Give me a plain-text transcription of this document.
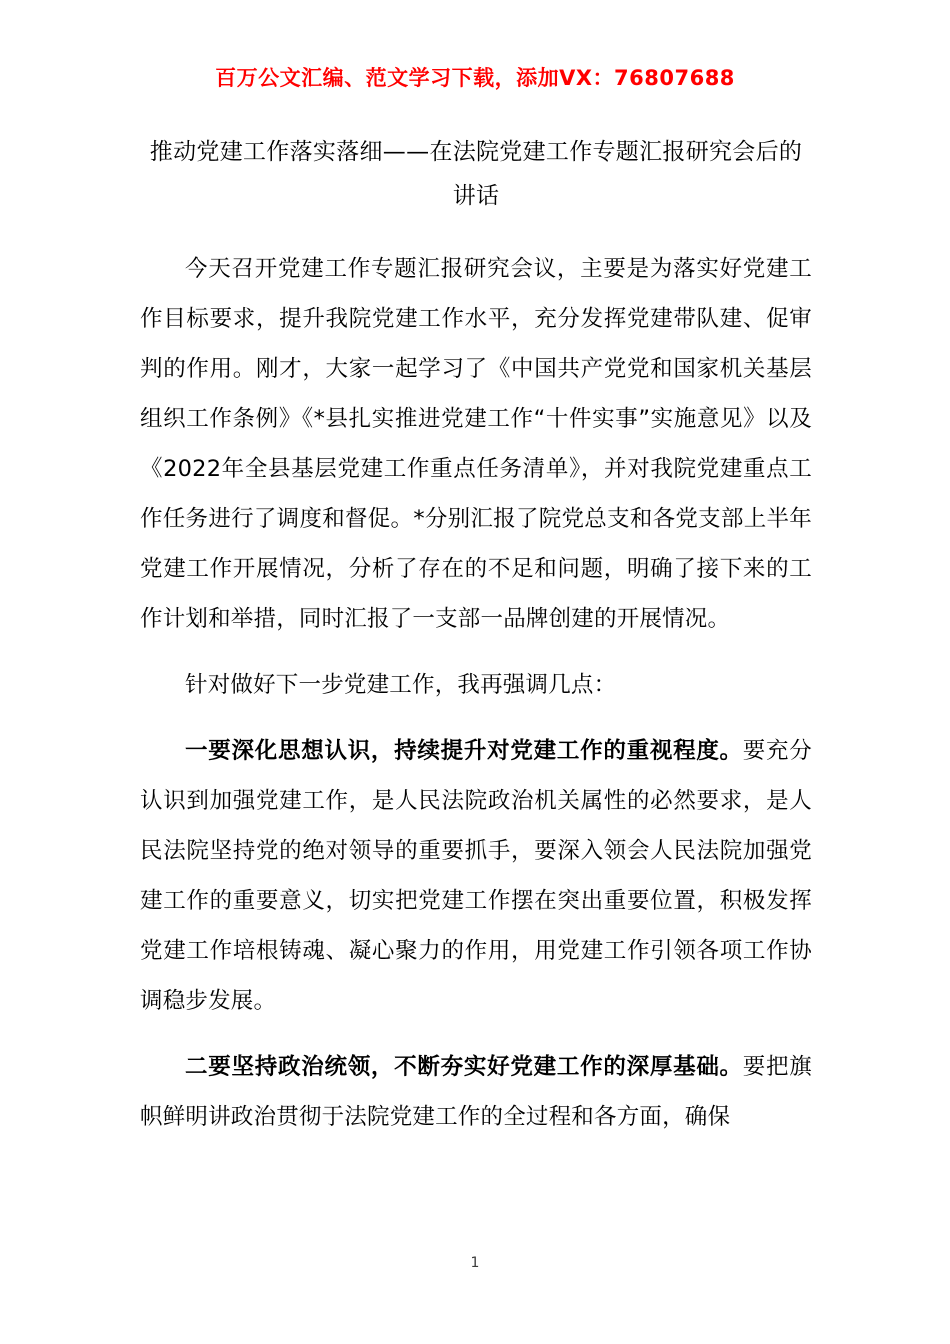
百万公文汇编、范文学习下载，添加VX：76807688
推动党建工作落实落细——在法院党建工作专题汇报研究会后的讲话

今天召开党建工作专题汇报研究会议，主要是为落实好党建工作目标要求，提升我院党建工作水平，充分发挥党建带队建、促审判的作用。刚才，大家一起学习了《中国共产党党和国家机关基层组织工作条例》《*县扎实推进党建工作“十件实事”实施意见》以及《2022年全县基层党建工作重点任务清单》，并对我院党建重点工作任务进行了调度和督促。*分别汇报了院党总支和各党支部上半年党建工作开展情况，分析了存在的不足和问题，明确了接下来的工作计划和举措，同时汇报了一支部一品牌创建的开展情况。

针对做好下一步党建工作，我再强调几点：

一要深化思想认识，持续提升对党建工作的重视程度。要充分认识到加强党建工作，是人民法院政治机关属性的必然要求，是人民法院坚持党的绝对领导的重要抓手，要深入领会人民法院加强党建工作的重要意义，切实把党建工作摆在突出重要位置，积极发挥党建工作培根铸魂、凝心聚力的作用，用党建工作引领各项工作协调稳步发展。

二要坚持政治统领，不断夯实好党建工作的深厚基础。要把旗帜鲜明讲政治贯彻于法院党建工作的全过程和各方面，确保

1
